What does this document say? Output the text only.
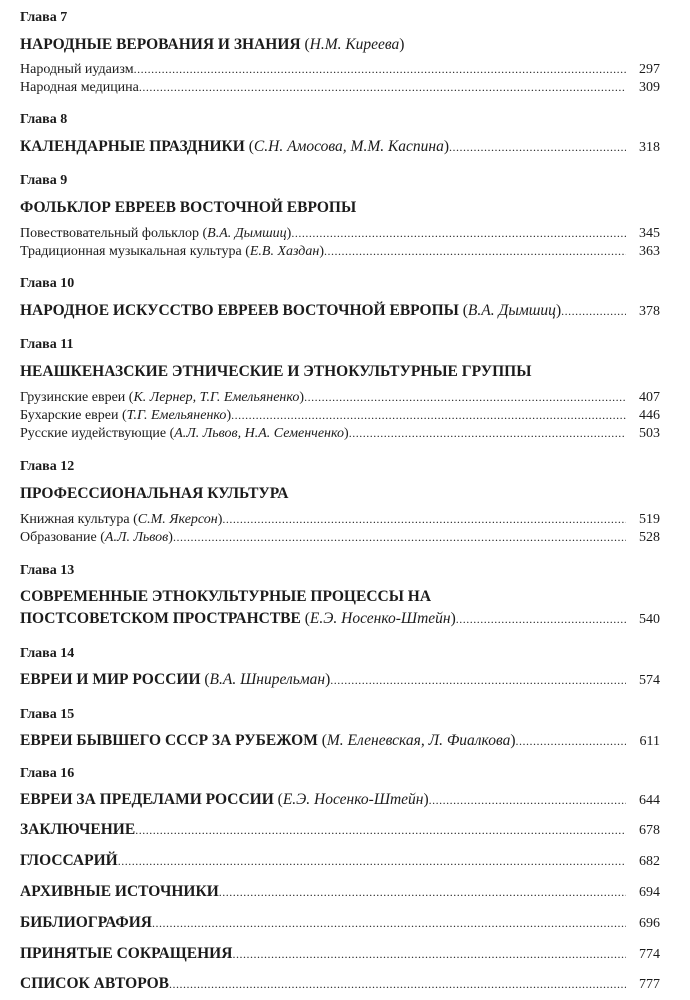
Глава 7
НАРОДНЫЕ ВЕРОВАНИЯ И ЗНАНИЯ (Н.М. Киреева)
Народный иудаизм .....	297
Народная медицина .....	309
Глава 8
КАЛЕНДАРНЫЕ ПРАЗДНИКИ (С.Н. Амосова, М.М. Каспина) .....	318
Глава 9
ФОЛЬКЛОР ЕВРЕЕВ ВОСТОЧНОЙ ЕВРОПЫ
Повествовательный фольклор (В.А. Дымшиц) .....	345
Традиционная музыкальная культура (Е.В. Хаздан) .....	363
Глава 10
НАРОДНОЕ ИСКУССТВО ЕВРЕЕВ ВОСТОЧНОЙ ЕВРОПЫ (В.А. Дымшиц) .....	378
Глава 11
НЕАШКЕНАЗСКИЕ ЭТНИЧЕСКИЕ И ЭТНОКУЛЬТУРНЫЕ ГРУППЫ
Грузинские евреи (К. Лернер, Т.Г. Емельяненко) .....	407
Бухарские евреи (Т.Г. Емельяненко) .....	446
Русские иудействующие (А.Л. Львов, Н.А. Семенченко) .....	503
Глава 12
ПРОФЕССИОНАЛЬНАЯ КУЛЬТУРА
Книжная культура (С.М. Якерсон) .....	519
Образование (А.Л. Львов) .....	528
Глава 13
СОВРЕМЕННЫЕ ЭТНОКУЛЬТУРНЫЕ ПРОЦЕССЫ НА
ПОСТСОВЕТСКОМ ПРОСТРАНСТВЕ (Е.Э. Носенко-Штейн) .....	540
Глава 14
ЕВРЕИ И МИР РОССИИ (В.А. Шнирельман) .....	574
Глава 15
ЕВРЕИ БЫВШЕГО СССР ЗА РУБЕЖОМ (М. Еленевская, Л. Фиалкова) .....	611
Глава 16
ЕВРЕИ ЗА ПРЕДЕЛАМИ РОССИИ (Е.Э. Носенко-Штейн) .....	644
ЗАКЛЮЧЕНИЕ .....	678
ГЛОССАРИЙ .....	682
АРХИВНЫЕ ИСТОЧНИКИ .....	694
БИБЛИОГРАФИЯ .....	696
ПРИНЯТЫЕ СОКРАЩЕНИЯ .....	774
СПИСОК АВТОРОВ .....	777
